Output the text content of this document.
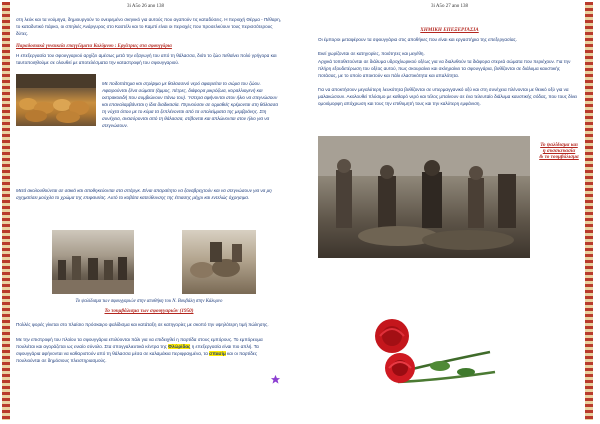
3i A5o 26 ano 138
στη λεύκ και τα νούμηγα, δημιουργούν το ονειρεμένο σκηνικό για αυτούς που αγαπούν τις καταδύσεις. Η περιοχή Θέρμα - Πέθαρη, το καταδυτικό πάρκο, οι σπηλιές Ανάργυρος στο Καστέλι και το Καμπί είναι οι περιοχές που προσελκύουν τους περισσότερους δύτες.
Παραδοσιακά γυναικεία επαγγέλματα Καλύμνου : Εργάτριες στα σφουγγάρια
Η επεξεργασία του σφουγγαριού αρχίζει αμέσως μετά την εξαγωγή του από τη θάλασσα, διότι το ζώο πεθαίνει πολύ γρήγορα και ταυτοποιηθούμε σε ολουθεί με αποτελέσματα την καταστροφή του σφουγγαριού.
Με ποδοπάτημα και στρίψιμο με θαλασσινό νερό αφαιρείται το σώμα του ζώου. Αφαιρούνται ξένα σώματα (άμμος, πέτρες, διάφορα μικρόζωα, κοραλλιογενή και οστρακοειδή που συμβιώνουν πάνω του). Ύστερα αφήνονται στον ήλιο να στεγνώσουν και επαναλαμβάνεται η ίδια διαδικασία. Περνούσαν σε ορμαθιές κρέμονται στη θάλασσα τη νύχτα όπου με το κύμα τα ξεπλένονται από τα υπολείμματα της μεμβράνης. Στη συνέχεια, ανασύρονται από τη θάλασσα, στίβονται και απλώνονται στον ήλιο για να στεγνώσουν.
Μετά ακολουθούνται σε σακιά και αποθηκεύονται στα σπάργκ. Είναι απαραίτητο να ξαναβρεχτούν και να στεγνώσουν για να μη σχηματίσει μούχλα το χρώμα της επιφανείας. Αυτό το κοβότα κατεύθυνσης της έπιασης μέχρι και εντελώς όχρησιμα.
Το ψαλίδισμα των σφουγγαριών στην αποθήκη του Ν. Βουβάλη στην Κάλυμνο
Το τουμβάλισμα των σφουγγαριών (1950)
Πολλές φορές γίνεται στο πλαίσιο πρόσκαιρο ψαλίδισμα και κατάταξη σε κατηγορίες με σκοπό την υψηλότερη τιμή πώλησης.
Με την επιστροφή του πλοίου τα σφουγγάρια επιλύονται πάλι για να επιδειχθεί η παρτίδα στους εμπόρους. Το εμπόρευμα πουλιέται και αγοράζεται ως ενιαίο σύνολο. Στα σπογγαλιευτικά κέντρα της Φλώρίδας η επεξεργασία είναι πιο απλή. Τα σφουγγάρια αφήνονται να καθαριστούν από τη θάλασσα μέσα σε καλαμάκια περιφραγμένα, τα σπασίμ και οι παρτίδες πουλιούνται σε δημόσιους πλειστηριασμούς.
3i A5o 27 ano 138
ΧΗΜΙΚΗ ΕΠΕΞΕΡΓΑΣΙΑ
Οι έμποροι μεταφέρουν τα σφουγγάρια στις αποθήκες που είναι και εργαστήρια της επεξεργασίας.
Εκεί χωρίζονται σε κατηγορίες, ποιότητες και μεγέθη.
Αρχικά τοποθετούνται σε διάλυμα υδροχλωρικού οξέως για να διαλυθούν τα διάφορα στερεά σώματα που περιέχουν. Για την πλήρη εξουδετέρωση του οξέος αυτού, πως σκουραίνει και σκληραίνει τα σφουγγάρια, βυθίζονται σε διάλυμα καυστικής ποτάσας, με το οποίο αποκτούν και πάλι ελαστικότητα και απαλότητα.
Για να αποκτήσουν μεγαλύτερη λευκότητα βυθίζονται σε υπερμαγγανικό οξύ και στη συνέχεια πλένονται με θειικό οξύ για να μαλακώσουν. Ακολουθεί πλύσιμο με καθαρό νερό και τέλος μπαίνουν σε ένα τελευταίο διάλυμα καυστικής σόδας, που τους δίνει ομοιόμορφη απόχρωση και τους την επιθυμητή τους και την καλύτερη εμφάνιση.
Το ψαλίδισμα και
η συσσκευασία
& το τουμβάλισμα
